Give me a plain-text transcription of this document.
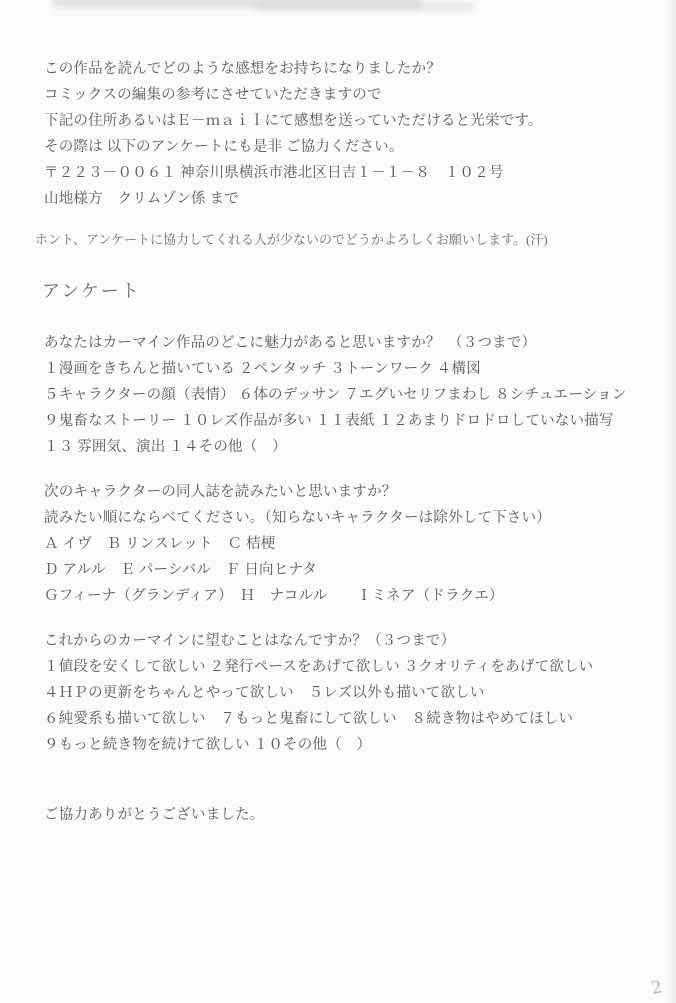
この作品を読んでどのような感想をお持ちになりましたか？
コミックスの編集の参考にさせていただきますので
下記の住所あるいはＥ－ｍａｉｌにて感想を送っていただけると光栄です。
その際は 以下のアンケートにも是非 ご協力ください。
〒２２３－００６１ 神奈川県横浜市港北区日吉１－１－８　１０２号
山地様方　クリムゾン係 まで
ホント、アンケートに協力してくれる人が少ないのでどうかよろしくお願いします。(汗)
アンケート
あなたはカーマイン作品のどこに魅力があると思いますか？　（３つまで）
１漫画をきちんと描いている ２ペンタッチ ３トーンワーク ４構図
５キャラクターの顔（表情） ６体のデッサン ７エグいセリフまわし ８シチュエーション
９鬼畜なストーリー １０レズ作品が多い １１表紙 １２あまりドロドロしていない描写
１３ 雰囲気、演出 １４その他（　）
次のキャラクターの同人誌を読みたいと思いますか？
読みたい順にならべてください。（知らないキャラクターは除外して下さい）
Ａ イヴ　Ｂ リンスレット　Ｃ 桔梗
Ｄ アルル　Ｅ パーシバル　Ｆ 日向ヒナタ
Ｇフィーナ（グランディア）　Ｈ　ナコルル　　Ｉミネア（ドラクエ）
これからのカーマインに望むことはなんですか？（３つまで）
１値段を安くして欲しい ２発行ペースをあげて欲しい ３クオリティをあげて欲しい
４ＨＰの更新をちゃんとやって欲しい　５レズ以外も描いて欲しい
６純愛系も描いて欲しい　７もっと鬼畜にして欲しい　８続き物はやめてほしい
９もっと続き物を続けて欲しい １０その他（　）
ご協力ありがとうございました。
2
